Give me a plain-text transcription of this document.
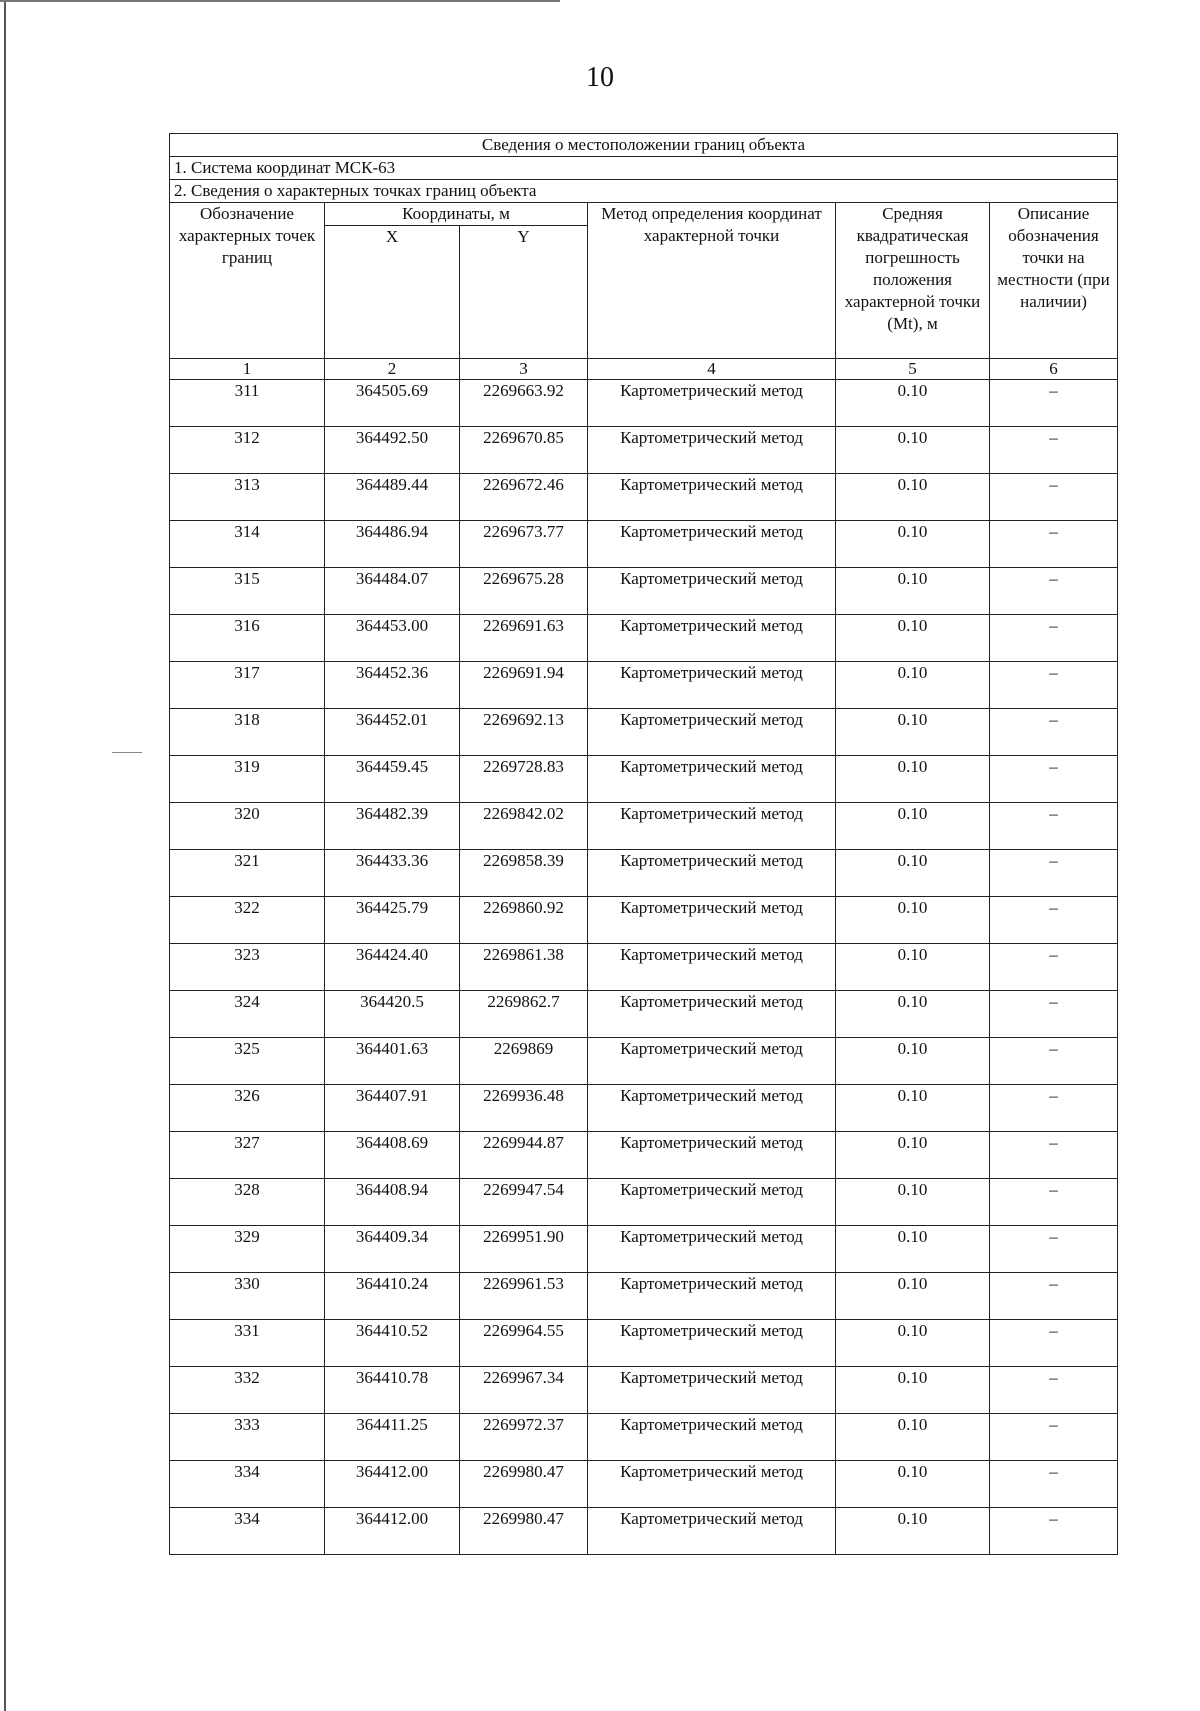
10
Сведения о местоположении границ объекта					
1. Система координат МСК-63					
2. Сведения о характерных точках границ объекта					
Обозначение характерных точек границ	Координаты, м		Метод определения координат характерной точки	Средняя квадратическая погрешность положения характерной точки (Mt), м	Описание обозначения точки на местности (при наличии)
	X	Y			
1	2	3	4	5	6
311	364505.69	2269663.92	Картометрический метод	0.10	–
312	364492.50	2269670.85	Картометрический метод	0.10	–
313	364489.44	2269672.46	Картометрический метод	0.10	–
314	364486.94	2269673.77	Картометрический метод	0.10	–
315	364484.07	2269675.28	Картометрический метод	0.10	–
316	364453.00	2269691.63	Картометрический метод	0.10	–
317	364452.36	2269691.94	Картометрический метод	0.10	–
318	364452.01	2269692.13	Картометрический метод	0.10	–
319	364459.45	2269728.83	Картометрический метод	0.10	–
320	364482.39	2269842.02	Картометрический метод	0.10	–
321	364433.36	2269858.39	Картометрический метод	0.10	–
322	364425.79	2269860.92	Картометрический метод	0.10	–
323	364424.40	2269861.38	Картометрический метод	0.10	–
324	364420.5	2269862.7	Картометрический метод	0.10	–
325	364401.63	2269869	Картометрический метод	0.10	–
326	364407.91	2269936.48	Картометрический метод	0.10	–
327	364408.69	2269944.87	Картометрический метод	0.10	–
328	364408.94	2269947.54	Картометрический метод	0.10	–
329	364409.34	2269951.90	Картометрический метод	0.10	–
330	364410.24	2269961.53	Картометрический метод	0.10	–
331	364410.52	2269964.55	Картометрический метод	0.10	–
332	364410.78	2269967.34	Картометрический метод	0.10	–
333	364411.25	2269972.37	Картометрический метод	0.10	–
334	364412.00	2269980.47	Картометрический метод	0.10	–
334	364412.00	2269980.47	Картометрический метод	0.10	–
